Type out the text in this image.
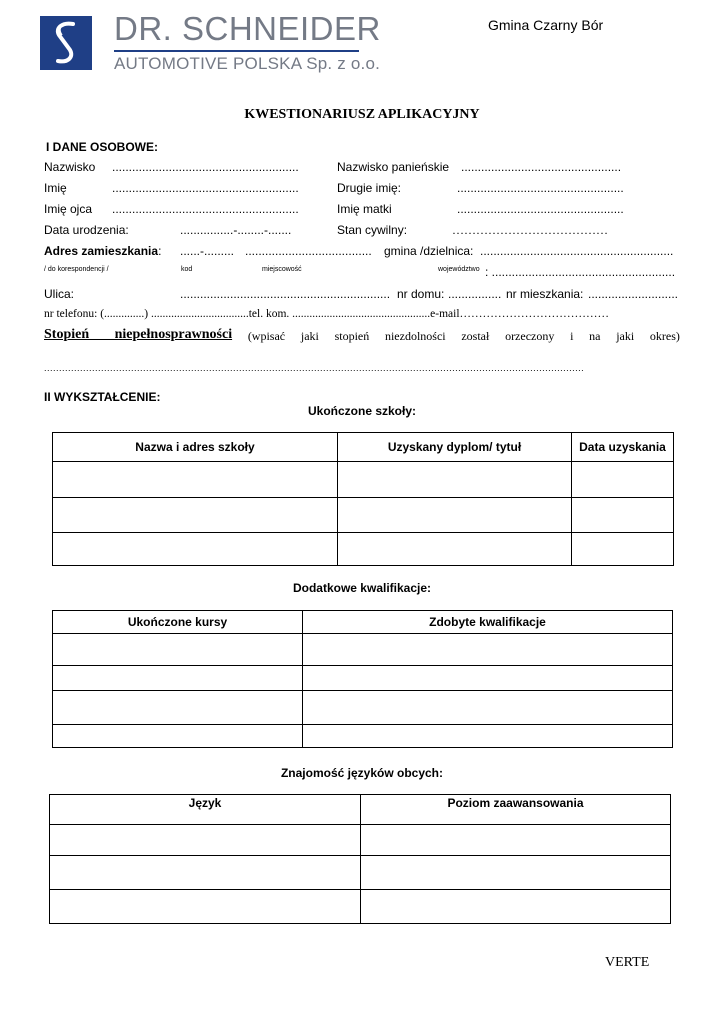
DR. SCHNEIDER
AUTOMOTIVE POLSKA Sp. z o.o.
Gmina Czarny Bór
KWESTIONARIUSZ APLIKACYJNY
I DANE OSOBOWE:
Nazwisko ........................................................	Nazwisko panieńskie ................................................
Imię	........................................................	Drugie imię:	..................................................
Imię ojca ........................................................	Imię matki	..................................................
Data urodzenia:	................-........-.......	Stan cywilny:	…………………………………
Adres zamieszkania: ......-......... ...................................... gmina /dzielnica: ..........................................................
/ do korespondencji /	kod	miejscowość	województwo : .......................................................
Ulica:	............................................................... nr domu: ................ nr mieszkania: ...........................
nr telefonu: (..............) ..................................tel. kom. ................................................e-mail…………………………………
Stopień niepełnosprawności (wpisać jaki stopień niezdolności został orzeczony i na jaki okres)
....................................................................................................................................................................................
II WYKSZTAŁCENIE:
Ukończone szkoły:
Nazwa i adres szkoły	Uzyskany dyplom/ tytuł	Data uzyskania

Dodatkowe kwalifikacje:
Ukończone kursy	Zdobyte kwalifikacje

Znajomość języków obcych:
Język	Poziom zaawansowania

VERTE
